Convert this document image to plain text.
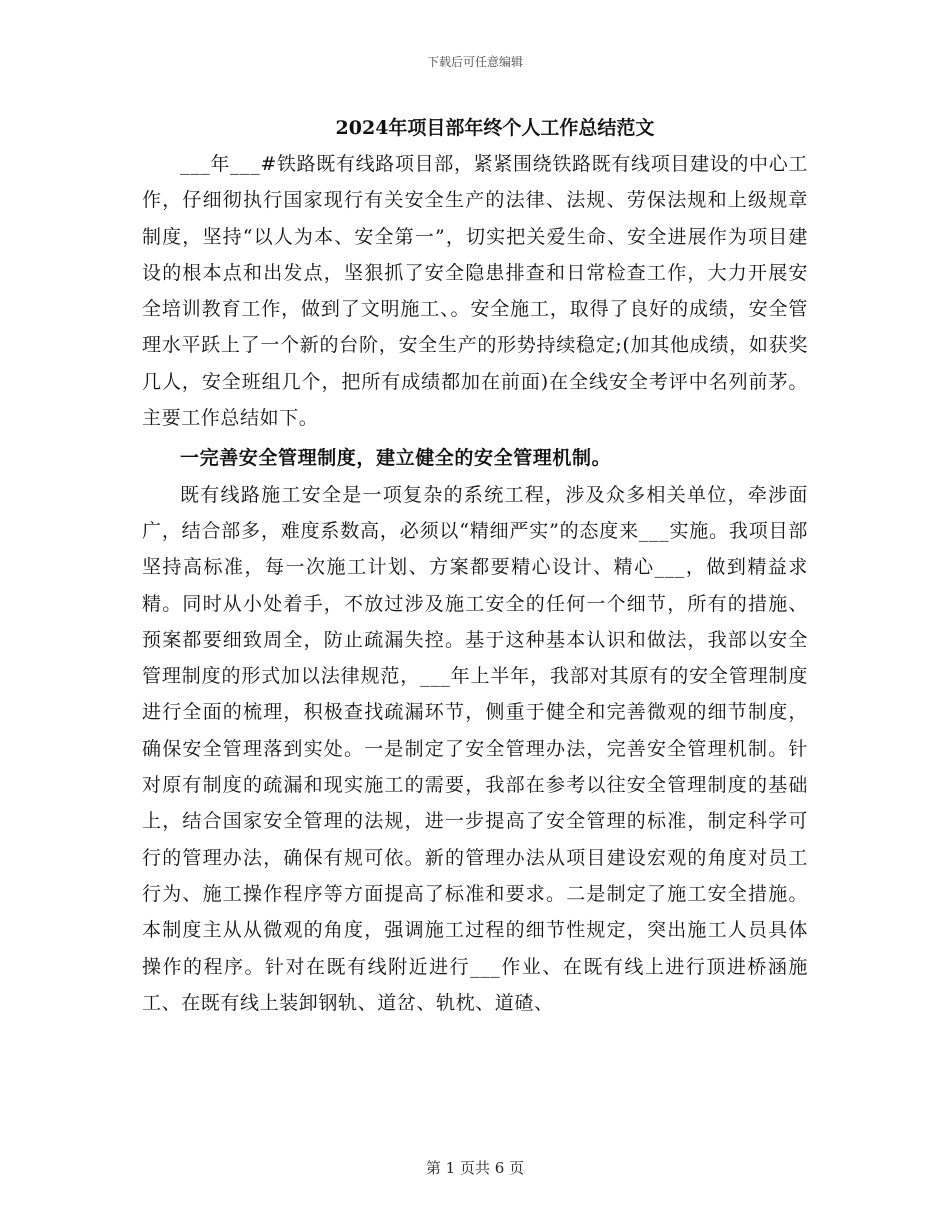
下载后可任意编辑
2024年项目部年终个人工作总结范文

___年___#铁路既有线路项目部，紧紧围绕铁路既有线项目建设的中心工作，仔细彻执行国家现行有关安全生产的法律、法规、劳保法规和上级规章制度，坚持“以人为本、安全第一”，切实把关爱生命、安全进展作为项目建设的根本点和出发点，坚狠抓了安全隐患排查和日常检查工作，大力开展安全培训教育工作，做到了文明施工、。安全施工，取得了良好的成绩，安全管理水平跃上了一个新的台阶，安全生产的形势持续稳定;(加其他成绩，如获奖几人，安全班组几个，把所有成绩都加在前面)在全线安全考评中名列前茅。主要工作总结如下。

一完善安全管理制度，建立健全的安全管理机制。

既有线路施工安全是一项复杂的系统工程，涉及众多相关单位，牵涉面广，结合部多，难度系数高，必须以“精细严实”的态度来___实施。我项目部坚持高标准，每一次施工计划、方案都要精心设计、精心___，做到精益求精。同时从小处着手，不放过涉及施工安全的任何一个细节，所有的措施、预案都要细致周全，防止疏漏失控。基于这种基本认识和做法，我部以安全管理制度的形式加以法律规范，___年上半年，我部对其原有的安全管理制度进行全面的梳理，积极查找疏漏环节，侧重于健全和完善微观的细节制度，确保安全管理落到实处。一是制定了安全管理办法，完善安全管理机制。针对原有制度的疏漏和现实施工的需要，我部在参考以往安全管理制度的基础上，结合国家安全管理的法规，进一步提高了安全管理的标准，制定科学可行的管理办法，确保有规可依。新的管理办法从项目建设宏观的角度对员工行为、施工操作程序等方面提高了标准和要求。二是制定了施工安全措施。本制度主从从微观的角度，强调施工过程的细节性规定，突出施工人员具体操作的程序。针对在既有线附近进行___作业、在既有线上进行顶进桥涵施工、在既有线上装卸钢轨、道岔、轨枕、道碴、

第 1 页共 6 页
